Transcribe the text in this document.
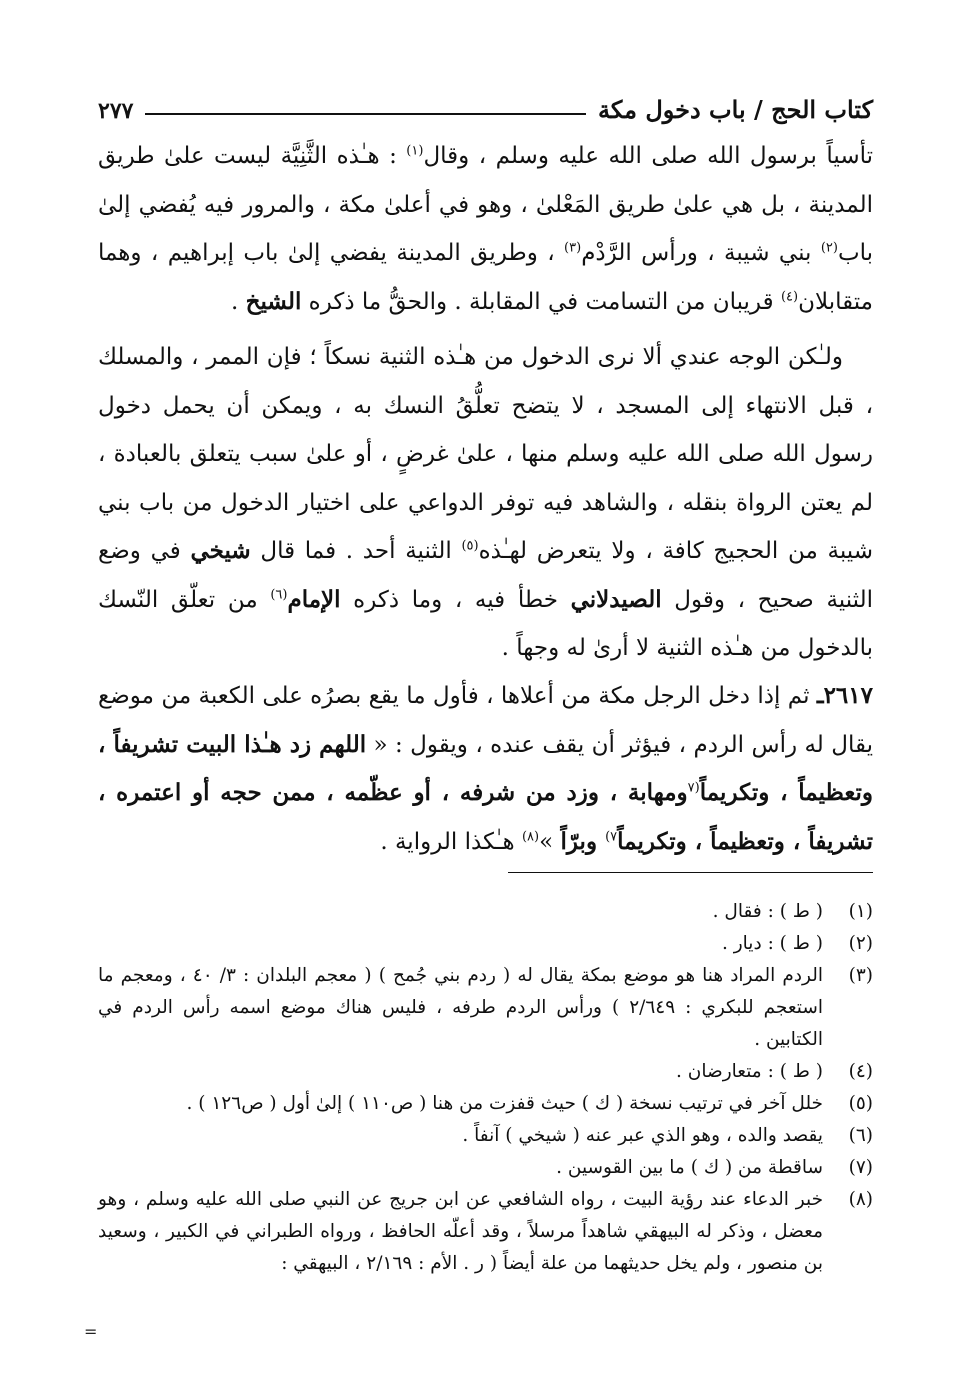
كتاب الحج / باب دخول مكة
٢٧٧

تأسياً برسول الله صلى الله عليه وسلم ، وقال$^{(١)}$ : هـٰذه الثَّنِيَّة ليست علىٰ طريق المدينة ، بل هي علىٰ طريق المَعْلىٰ ، وهو في أعلىٰ مكة ، والمرور فيه يُفضي إلىٰ باب$^{(٢)}$ بني شيبة ، ورأس الرَّدْم$^{(٣)}$ ، وطريق المدينة يفضي إلىٰ باب إبراهيم ، وهما متقابلان$^{(٤)}$ قريبان من التسامت في المقابلة . والحقُّ ما ذكره الشيخ .

ولـٰكن الوجه عندي ألا نرى الدخول من هـٰذه الثنية نسكاً ؛ فإن الممر ، والمسلك ، قبل الانتهاء إلى المسجد ، لا يتضح تعلُّقُ النسك به ، ويمكن أن يحمل دخول رسول الله صلى الله عليه وسلم منها ، علىٰ غرضٍ ، أو علىٰ سبب يتعلق بالعبادة ، لم يعتن الرواة بنقله ، والشاهد فيه توفر الدواعي على اختيار الدخول من باب بني شيبة من الحجيج كافة ، ولا يتعرض لهـٰذه$^{(٥)}$ الثنية أحد . فما قال شيخي في وضع الثنية صحيح ، وقول الصيدلاني خطأ فيه ، وما ذكره الإمام$^{(٦)}$ من تعلّق النّسك بالدخول من هـٰذه الثنية لا أرىٰ له وجهاً .

٢٦١٧ـ ثم إذا دخل الرجل مكة من أعلاها ، فأول ما يقع بصرُه على الكعبة من موضع يقال له رأس الردم ، فيؤثر أن يقف عنده ، ويقول : « اللهم زد هـٰذا البيت تشريفاً ، وتعظيماً ، وتكريماً$^{(٧}$ومهابة ، وزد من شرفه ، أو عظّمه ، ممن حجه أو اعتمره ، تشريفاً ، وتعظيماً ، وتكريماً$^{٧)}$ وبرّاً »$^{(٨)}$ هـٰكذا الرواية .

(١)
( ط ) : فقال .
(٢)
( ط ) : ديار .
(٣)
الردم المراد هنا هو موضع بمكة يقال له ( ردم بني جُمح ) ( معجم البلدان : ٣/ ٤٠ ، ومعجم ما استعجم للبكري : ٢/٦٤٩ ) ورأس الردم طرفه ، فليس هناك موضع اسمه رأس الردم في الكتابين .
(٤)
( ط ) : متعارضان .
(٥)
خلل آخر في ترتيب نسخة ( ك ) حيث قفزت من هنا ( ص١١٠ ) إلىٰ أول ( ص١٢٦ ) .
(٦)
يقصد والده ، وهو الذي عبر عنه ( شيخي ) آنفاً .
(٧)
ساقطة من ( ك ) ما بين القوسين .
(٨)
خبر الدعاء عند رؤية البيت ، رواه الشافعي عن ابن جريج عن النبي صلى الله عليه وسلم ، وهو معضل ، وذكر له البيهقي شاهداً مرسلاً ، وقد أعلّه الحافظ ، ورواه الطبراني في الكبير ، وسعيد بن منصور ، ولم يخل حديثهما من علة أيضاً ( ر . الأم : ٢/١٦٩ ، البيهقي :
=
